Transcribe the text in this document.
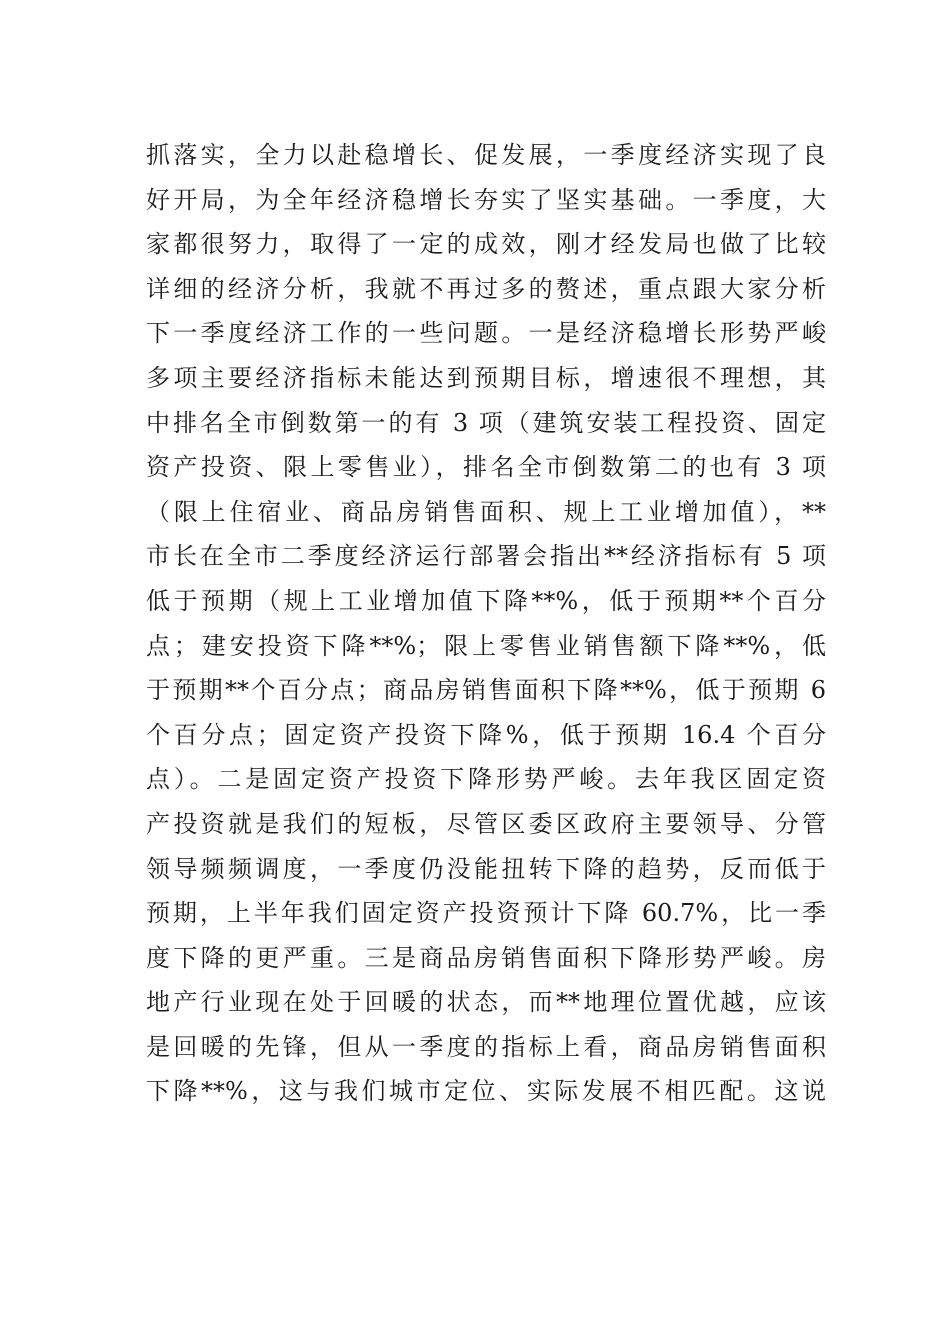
抓落实，全力以赴稳增长、促发展，一季度经济实现了良
好开局，为全年经济稳增长夯实了坚实基础。一季度，大
家都很努力，取得了一定的成效，刚才经发局也做了比较
详细的经济分析，我就不再过多的赘述，重点跟大家分析
下一季度经济工作的一些问题。一是经济稳增长形势严峻
多项主要经济指标未能达到预期目标，增速很不理想，其
中排名全市倒数第一的有 3 项（建筑安装工程投资、固定
资产投资、限上零售业），排名全市倒数第二的也有 3 项
（限上住宿业、商品房销售面积、规上工业增加值），**
市长在全市二季度经济运行部署会指出**经济指标有 5 项
低于预期（规上工业增加值下降**%，低于预期**个百分
点；建安投资下降**%；限上零售业销售额下降**%，低
于预期**个百分点；商品房销售面积下降**%，低于预期 6
个百分点；固定资产投资下降%，低于预期 16.4 个百分
点）。二是固定资产投资下降形势严峻。去年我区固定资
产投资就是我们的短板，尽管区委区政府主要领导、分管
领导频频调度，一季度仍没能扭转下降的趋势，反而低于
预期，上半年我们固定资产投资预计下降 60.7%，比一季
度下降的更严重。三是商品房销售面积下降形势严峻。房
地产行业现在处于回暖的状态，而**地理位置优越，应该
是回暖的先锋，但从一季度的指标上看，商品房销售面积
下降**%，这与我们城市定位、实际发展不相匹配。这说
